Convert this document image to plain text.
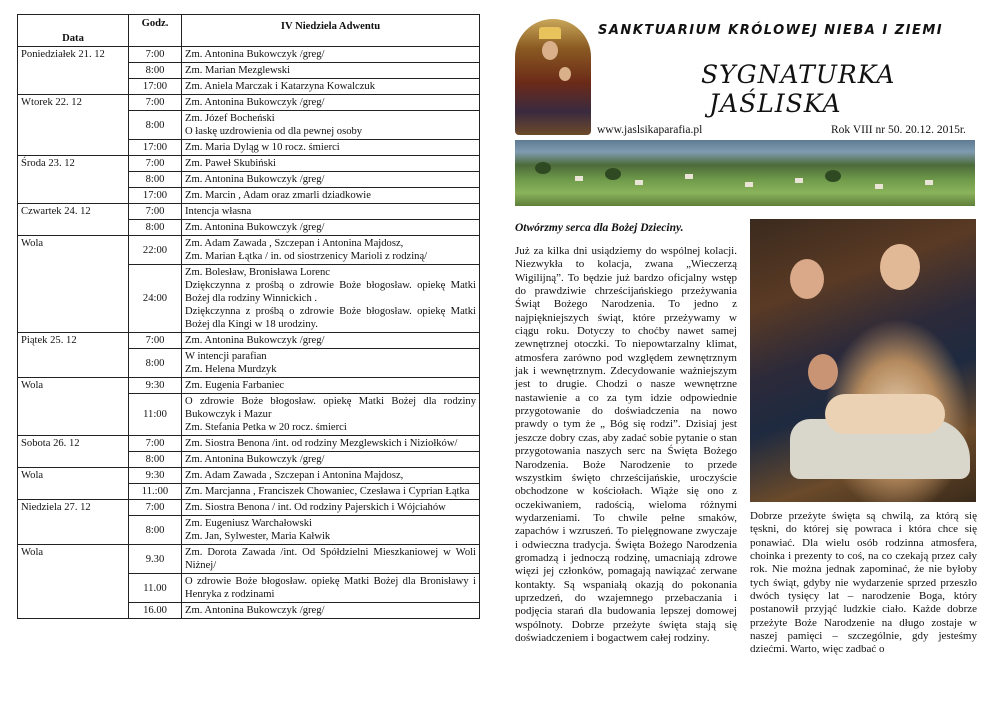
Data	Godz.	IV Niedziela Adwentu
Poniedziałek 21. 12	7:00	Zm. Antonina Bukowczyk /greg/

	8:00	Zm. Marian Mezglewski

	17:00	Zm. Aniela Marczak i Katarzyna Kowalczuk

Wtorek 22. 12	7:00	Zm. Antonina Bukowczyk /greg/

	8:00	Zm. Józef Bocheński
O łaskę uzdrowienia od dla pewnej osoby

	17:00	Zm. Maria Dyląg w 10 rocz. śmierci

Środa 23. 12	7:00	Zm. Paweł Skubiński

	8:00	Zm. Antonina Bukowczyk /greg/

	17:00	Zm. Marcin , Adam oraz zmarli dziadkowie

Czwartek 24. 12	7:00	Intencja własna

	8:00	Zm. Antonina Bukowczyk /greg/

Wola	22:00	Zm. Adam Zawada , Szczepan i Antonina Majdosz,
Zm. Marian Łątka / in. od siostrzenicy Marioli z rodziną/

	24:00	Zm. Bolesław, Bronisława Lorenc
Dziękczynna z prośbą o zdrowie Boże błogosław. opiekę Matki Bożej dla rodziny Winnickich .
Dziękczynna z prośbą o zdrowie Boże błogosław. opiekę Matki Bożej dla Kingi w 18 urodziny.

Piątek 25. 12	7:00	Zm. Antonina Bukowczyk /greg/

	8:00	W intencji parafian
Zm. Helena Murdzyk

Wola	9:30	Zm. Eugenia Farbaniec

	11:00	O zdrowie Boże błogosław. opiekę Matki Bożej dla rodziny Bukowczyk i Mazur
Zm. Stefania Petka w 20 rocz. śmierci

Sobota 26. 12	7:00	Zm. Siostra Benona /int. od rodziny Mezglewskich i Niziołków/

	8:00	Zm. Antonina Bukowczyk /greg/

Wola	9:30	Zm. Adam Zawada , Szczepan i Antonina Majdosz,

	11.:00	Zm. Marcjanna , Franciszek Chowaniec, Czesława i Cyprian Łątka

Niedziela 27. 12	7:00	Zm. Siostra Benona / int. Od rodziny Pajerskich i Wójciahów

	8:00	Zm. Eugeniusz Warchałowski
Zm. Jan, Sylwester, Maria Kałwik

Wola	9.30	Zm. Dorota Zawada /int. Od Spółdzielni Mieszkaniowej w Woli Niżnej/

	11.00	O zdrowie Boże błogosław. opiekę Matki Bożej dla Bronisławy i Henryka z rodzinami

	16.00	Zm. Antonina Bukowczyk /greg/
SANKTUARIUM KRÓLOWEJ NIEBA I ZIEMI
SYGNATURKA
JAŚLISKA
www.jaslsikaparafia.pl	Rok VIII nr 50. 20.12. 2015r.
Otwórzmy serca dla Bożej Dzieciny.
Już za kilka dni usiądziemy do wspólnej kolacji. Niezwykła to kolacja, zwana „Wieczerzą Wigilijną”. To będzie już bardzo oficjalny wstęp do prawdziwie chrześcijańskiego przeżywania Świąt Bożego Narodzenia. To jedno z najpiękniejszych świąt, które przeżywamy w ciągu roku. Dotyczy to choćby nawet samej zewnętrznej otoczki. To niepowtarzalny klimat, atmosfera zarówno pod względem zewnętrznym jak i wewnętrznym. Zdecydowanie ważniejszym jest to drugie. Chodzi o nasze wewnętrzne nastawienie a co za tym idzie odpowiednie przygotowanie do doświadczenia na nowo prawdy o tym że „ Bóg się rodzi”. Dzisiaj jest jeszcze dobry czas, aby zadać sobie pytanie o stan przygotowania naszych serc na Święta Bożego Narodzenia. Boże Narodzenie to przede wszystkim święto chrześcijańskie, uroczyście obchodzone w kościołach. Wiąże się ono z oczekiwaniem, radością, wieloma różnymi wydarzeniami. To chwile pełne smaków, zapachów i wzruszeń. To pielęgnowane zwyczaje i odwieczna tradycja. Święta Bożego Narodzenia gromadzą i jednoczą rodzinę, umacniają zdrowe więzi jej członków, pomagają nawiązać zerwane kontakty. Są wspaniałą okazją do pokonania uprzedzeń, do wzajemnego przebaczania i podjęcia starań dla budowania lepszej domowej wspólnoty. Dobrze przeżyte święta stają się doświadczeniem i bogactwem całej rodziny.
Dobrze przeżyte święta są chwilą, za którą się tęskni, do której się powraca i która chce się ponawiać. Dla wielu osób rodzinna atmosfera, choinka i prezenty to coś, na co czekają przez cały rok. Nie można jednak zapominać, że nie byłoby tych świąt, gdyby nie wydarzenie sprzed przeszło dwóch tysięcy lat – narodzenie Boga, który postanowił przyjąć ludzkie ciało. Każde dobrze przeżyte Boże Narodzenie na długo zostaje w naszej pamięci – szczególnie, gdy jesteśmy dziećmi. Warto, więc zadbać o
